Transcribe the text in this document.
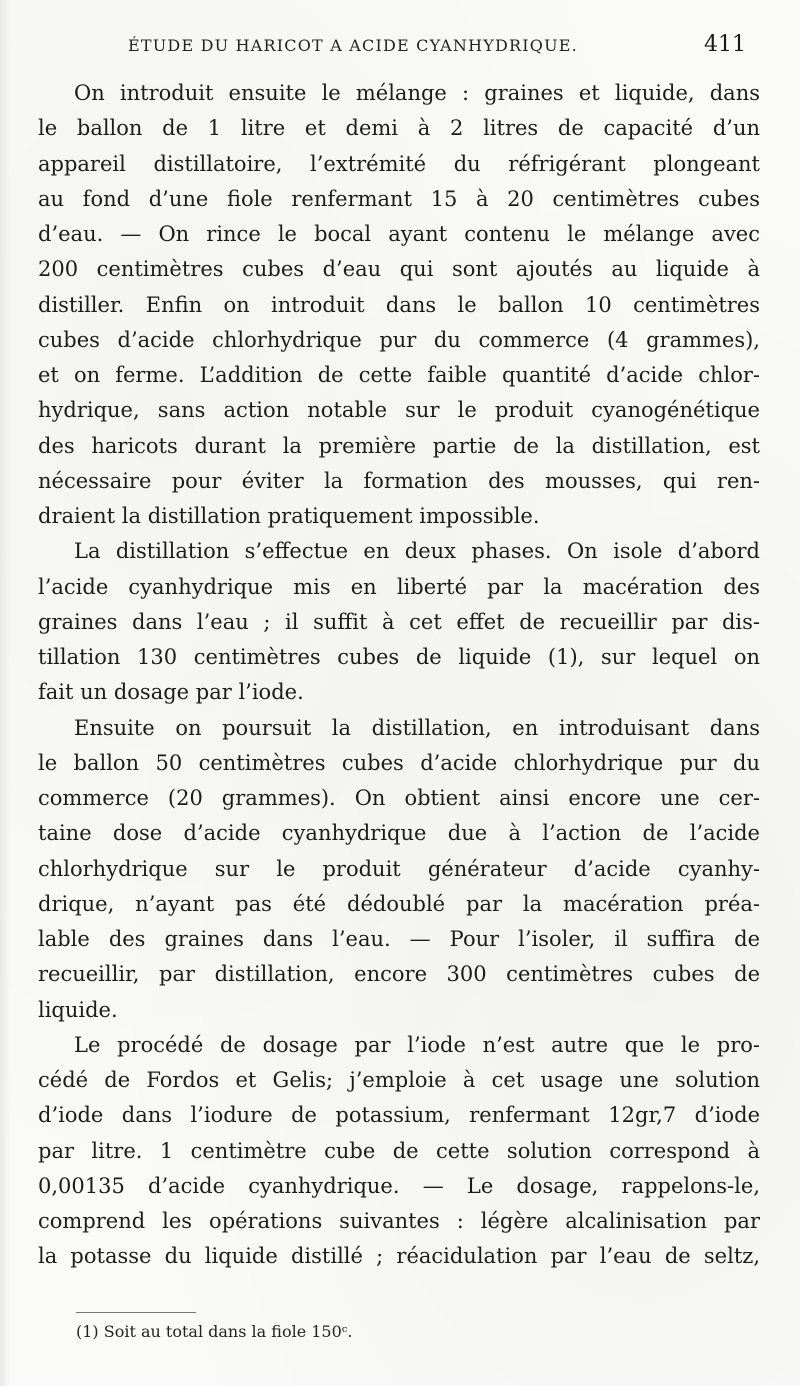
ÉTUDE DU HARICOT A ACIDE CYANHYDRIQUE.	411
On introduit ensuite le mélange : graines et liquide, dans
le ballon de 1 litre et demi à 2 litres de capacité d’un
appareil distillatoire, l’extrémité du réfrigérant plongeant
au fond d’une fiole renfermant 15 à 20 centimètres cubes
d’eau. — On rince le bocal ayant contenu le mélange avec
200 centimètres cubes d’eau qui sont ajoutés au liquide à
distiller. Enfin on introduit dans le ballon 10 centimètres
cubes d’acide chlorhydrique pur du commerce (4 grammes),
et on ferme. L’addition de cette faible quantité d’acide chlor-
hydrique, sans action notable sur le produit cyanogénétique
des haricots durant la première partie de la distillation, est
nécessaire pour éviter la formation des mousses, qui ren-
draient la distillation pratiquement impossible.
La distillation s’effectue en deux phases. On isole d’abord
l’acide cyanhydrique mis en liberté par la macération des
graines dans l’eau ; il suffit à cet effet de recueillir par dis-
tillation 130 centimètres cubes de liquide (1), sur lequel on
fait un dosage par l’iode.
Ensuite on poursuit la distillation, en introduisant dans
le ballon 50 centimètres cubes d’acide chlorhydrique pur du
commerce (20 grammes). On obtient ainsi encore une cer-
taine dose d’acide cyanhydrique due à l’action de l’acide
chlorhydrique sur le produit générateur d’acide cyanhy-
drique, n’ayant pas été dédoublé par la macération préa-
lable des graines dans l’eau. — Pour l’isoler, il suffira de
recueillir, par distillation, encore 300 centimètres cubes de
liquide.
Le procédé de dosage par l’iode n’est autre que le pro-
cédé de Fordos et Gelis; j’emploie à cet usage une solution
d’iode dans l’iodure de potassium, renfermant 12gr,7 d’iode
par litre. 1 centimètre cube de cette solution correspond à
0,00135 d’acide cyanhydrique. — Le dosage, rappelons-le,
comprend les opérations suivantes : légère alcalinisation par
la potasse du liquide distillé ; réacidulation par l’eau de seltz,
(1) Soit au total dans la fiole 150ᶜ.
